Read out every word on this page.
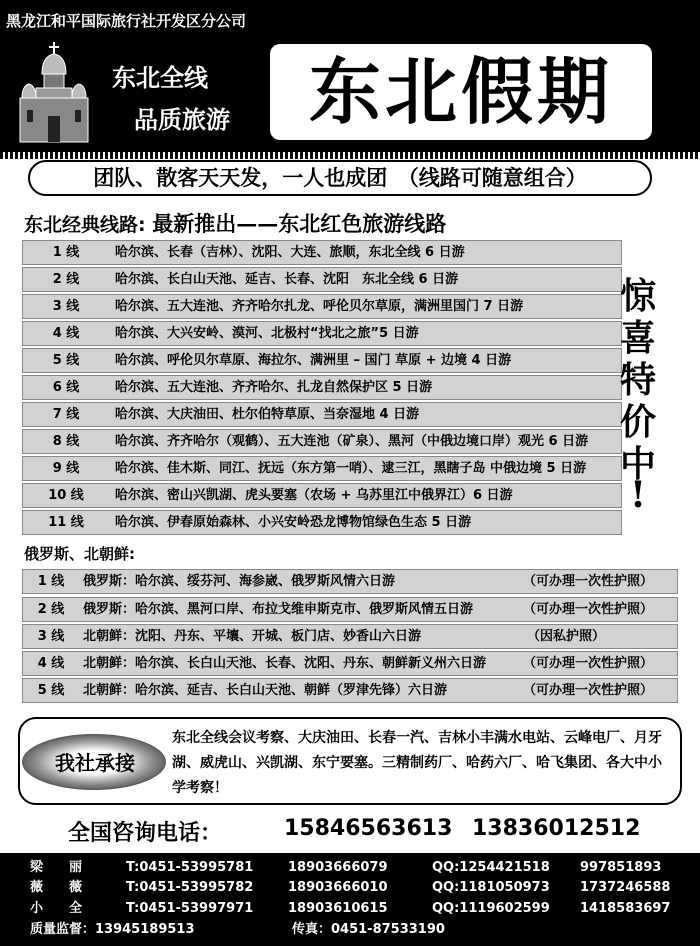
黑龙江和平国际旅行社开发区分公司
东北全线
品质旅游	东北假期
团队、散客天天发，一人也成团　（线路可随意组合）
东北经典线路: 最新推出——东北红色旅游线路
1 线	哈尔滨、长春（吉林）、沈阳、大连、旅顺，东北全线 6 日游
2 线	哈尔滨、长白山天池、延吉、长春、沈阳　东北全线 6 日游
3 线	哈尔滨、五大连池、齐齐哈尔扎龙、呼伦贝尔草原，满洲里国门 7 日游
4 线	哈尔滨、大兴安岭、漠河、北极村“找北之旅”5 日游
5 线	哈尔滨、呼伦贝尔草原、海拉尔、满洲里 – 国门 草原 + 边境 4 日游
6 线	哈尔滨、五大连池、齐齐哈尔、扎龙自然保护区 5 日游
7 线	哈尔滨、大庆油田、杜尔伯特草原、当奈湿地 4 日游
8 线	哈尔滨、齐齐哈尔（观鹤）、五大连池（矿泉）、黑河（中俄边境口岸）观光 6 日游
9 线	哈尔滨、佳木斯、同江、抚远（东方第一哨）、逮三江，黑瞎子岛 中俄边境 5 日游
10 线	哈尔滨、密山兴凯湖、虎头要塞（农场 + 乌苏里江中俄界江）6 日游
11 线	哈尔滨、伊春原始森林、小兴安岭恐龙博物馆绿色生态 5 日游
惊
喜
特
价
中
!
俄罗斯、北朝鲜:
1 线	俄罗斯：哈尔滨、绥芬河、海参崴、俄罗斯风情六日游	（可办理一次性护照）
2 线	俄罗斯：哈尔滨、黑河口岸、布拉戈维申斯克市、俄罗斯风情五日游	（可办理一次性护照）
3 线	北朝鲜：沈阳、丹东、平壤、开城、板门店、妙香山六日游	（因私护照）
4 线	北朝鲜：哈尔滨、长白山天池、长春、沈阳、丹东、朝鲜新义州六日游	（可办理一次性护照）
5 线	北朝鲜：哈尔滨、延吉、长白山天池、朝鲜（罗津先锋）六日游	（可办理一次性护照）
我社承接
东北全线会议考察、大庆油田、长春一汽、吉林小丰满水电站、云峰电厂、月牙湖、威虎山、兴凯湖、东宁要塞。三精制药厂、哈药六厂、哈飞集团、各大中小学考察！
全国咨询电话：	15846563613 13836012512
梁　　丽	T:0451-53995781	18903666079	QQ:1254421518 997851893
薇　　薇	T:0451-53995782	18903666010	QQ:1181050973 1737246588
小　　全	T:0451-53997971	18903610615	QQ:1119602599 1418583697
质量监督：13945189513	传真：0451-87533190
